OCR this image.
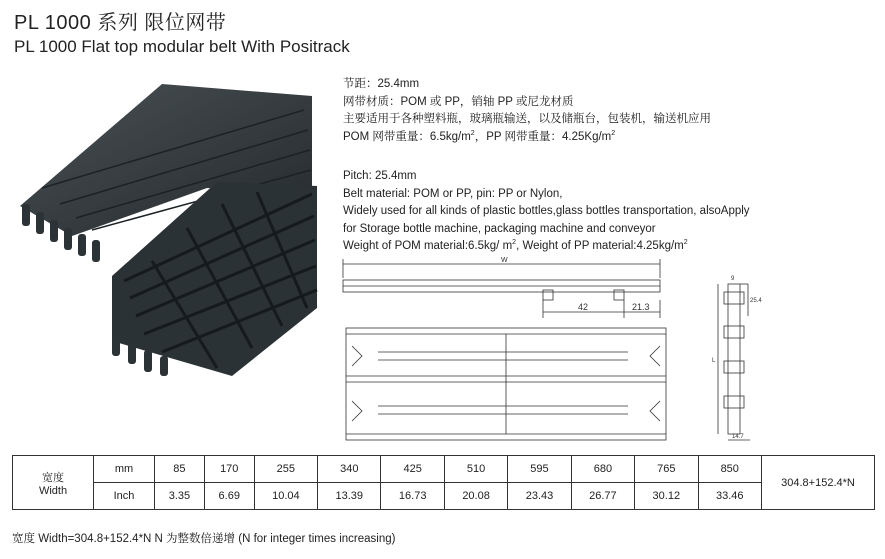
PL 1000 系列 限位网带
PL 1000 Flat top modular belt With Positrack
节距：25.4mm
网带材质：POM 或 PP，销轴 PP 或尼龙材质
主要适用于各种塑料瓶，玻璃瓶输送，以及储瓶台，包装机，输送机应用
POM 网带重量：$6.5kg/m^2$，PP 网带重量：$4.25Kg/m^2$
Pitch: 25.4mm
Belt material: POM or PP, pin: PP or Nylon,
Widely used for all kinds of plastic bottles,glass bottles transportation, alsoApply
for Storage bottle machine, packaging machine and conveyor
Weight of POM material:6.5kg/ $m^2$, Weight of PP $material:4.25kg/m^2$
W
42	21.3
9
25.4
L
14.7
宽度
Width	mm	85	170	255	340	425	510	595	680	765	850	304.8+152.4*N
	Inch	3.35	6.69	10.04	13.39	16.73	20.08	23.43	26.77	30.12	33.46	
宽度 Width=304.8+152.4*N N 为整数倍递增 (N for integer times increasing)
